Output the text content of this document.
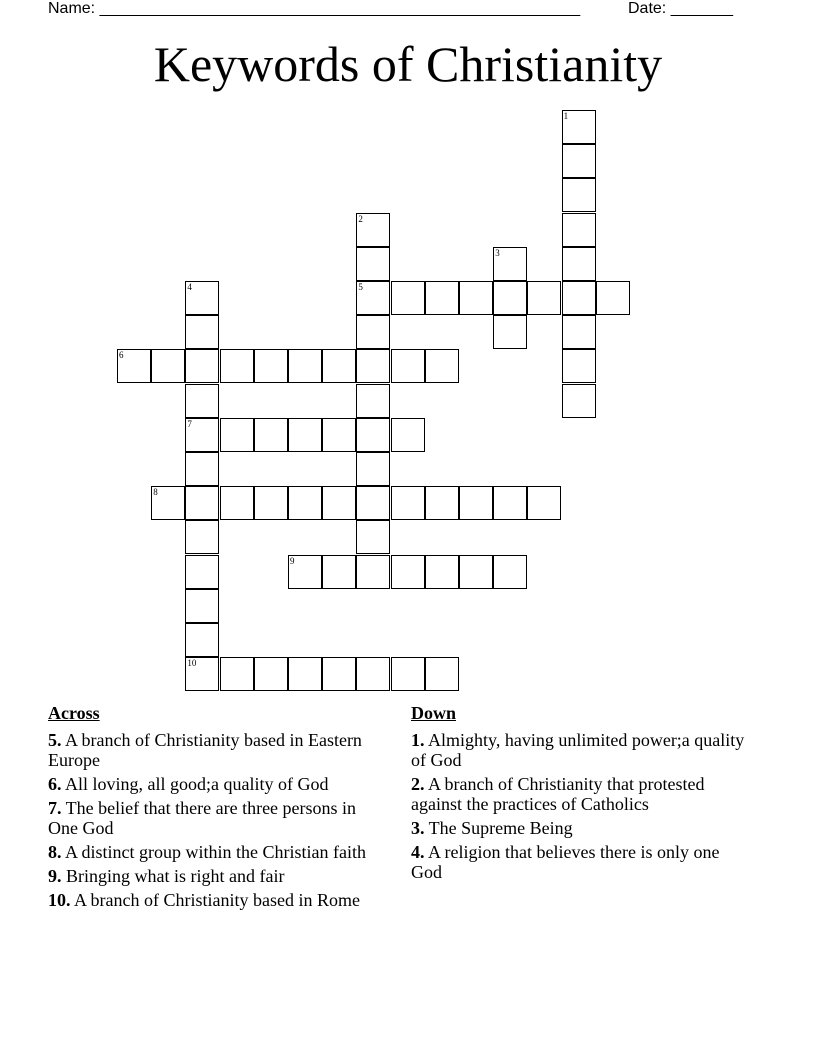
Name: ______________________________________________________	Date: _______
Keywords of Christianity
1
2
3
4	5
6
7
8
9
10
Across
5. A branch of Christianity based in Eastern Europe
6. All loving, all good;a quality of God
7. The belief that there are three persons in One God
8. A distinct group within the Christian faith
9. Bringing what is right and fair
10. A branch of Christianity based in Rome
Down
1. Almighty, having unlimited power;a quality of God
2. A branch of Christianity that protested against the practices of Catholics
3. The Supreme Being
4. A religion that believes there is only one God
